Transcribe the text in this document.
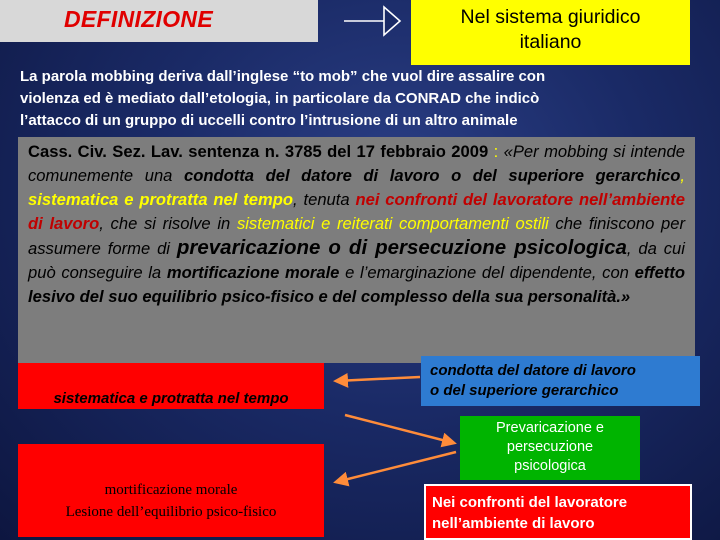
DEFINIZIONE	Nel sistema giuridico
italiano
La parola mobbing deriva dall’inglese “to mob” che vuol dire assalire con
violenza ed è mediato dall’etologia, in particolare da CONRAD che indicò
l’attacco di un gruppo di uccelli contro l’intrusione di un altro animale
Cass. Civ. Sez. Lav. sentenza n. 3785 del 17 febbraio 2009 : «Per mobbing si intende comunemente una condotta del datore di lavoro o del superiore gerarchico, sistematica e protratta nel tempo, tenuta nei confronti del lavoratore nell’ambiente di lavoro, che si risolve in sistematici e reiterati comportamenti ostili che finiscono per assumere forme di prevaricazione o di persecuzione psicologica, da cui può conseguire la mortificazione morale e l’emarginazione del dipendente, con effetto lesivo del suo equilibrio psico-fisico e del complesso della sua personalità.»
sistematica e protratta nel tempo
condotta del datore di lavoro
o del superiore gerarchico
Prevaricazione e
persecuzione
psicologica
mortificazione morale
Lesione dell’equilibrio psico-fisico
Nei confronti del lavoratore
nell’ambiente di lavoro
